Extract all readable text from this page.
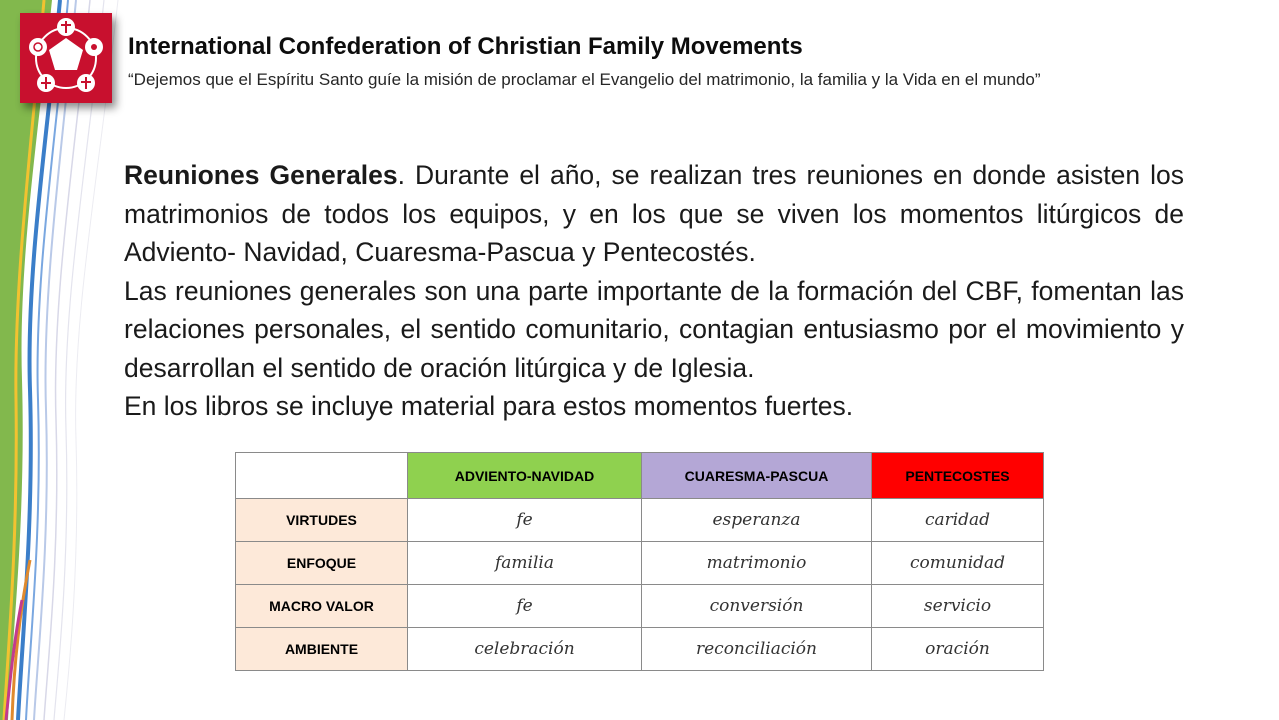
International Confederation of Christian Family Movements
“Dejemos que el Espíritu Santo guíe la misión de proclamar el Evangelio del matrimonio, la familia y la Vida en el mundo”

Reuniones Generales. Durante el año, se realizan tres reuniones en donde asisten los matrimonios de todos los equipos, y en los que se viven los momentos litúrgicos de Adviento- Navidad, Cuaresma-Pascua y Pentecostés.

Las reuniones generales son una parte importante de la formación del CBF, fomentan las relaciones personales, el sentido comunitario, contagian entusiasmo por el movimiento y desarrollan el sentido de oración litúrgica y de Iglesia.

En los libros se incluye material para estos momentos fuertes.

	ADVIENTO-NAVIDAD	CUARESMA-PASCUA	PENTECOSTES
VIRTUDES	fe	esperanza	caridad
ENFOQUE	familia	matrimonio	comunidad
MACRO VALOR	fe	conversión	servicio
AMBIENTE	celebración	reconciliación	oración
